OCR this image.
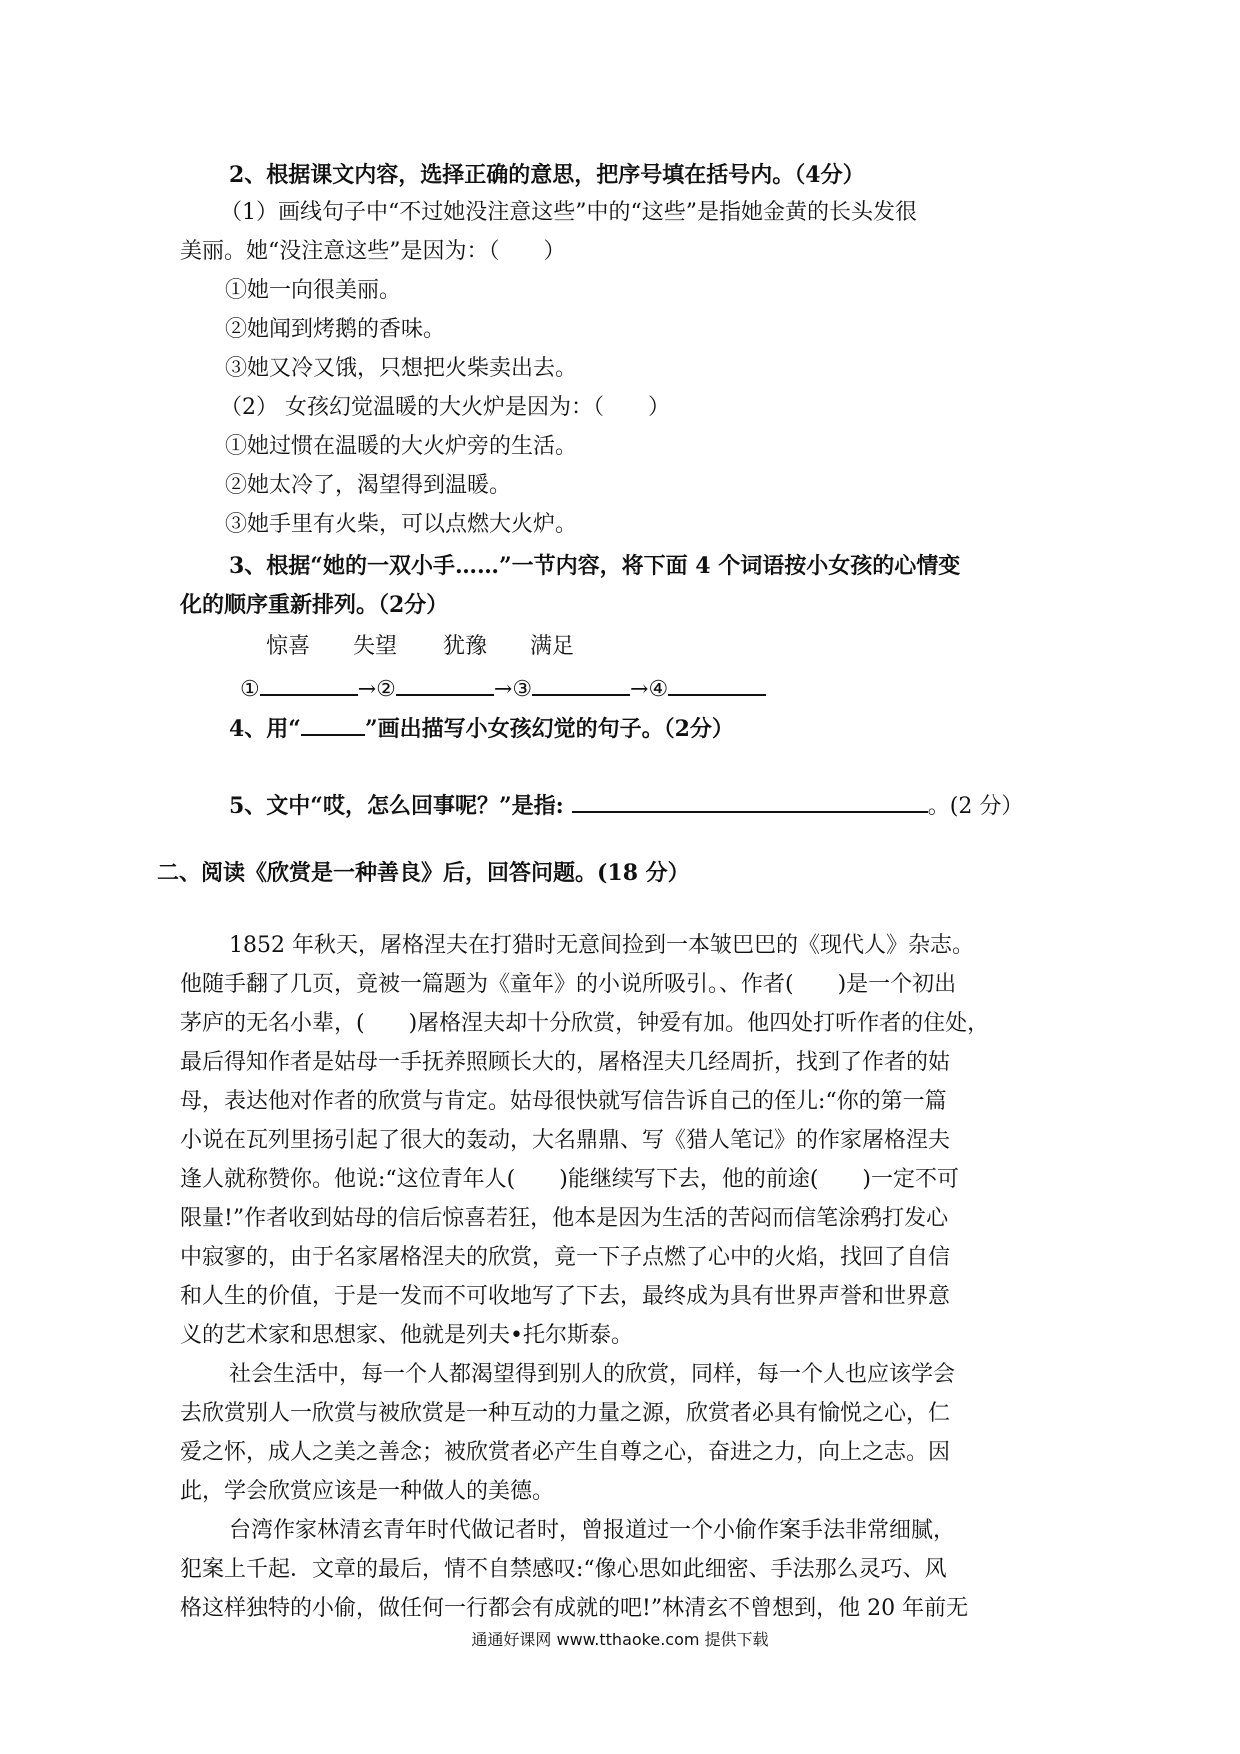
2、根据课文内容，选择正确的意思，把序号填在括号内。（4分）
（1）画线句子中“不过她没注意这些”中的“这些”是指她金黄的长头发很
美丽。她“没注意这些”是因为：（　　）
①她一向很美丽。
②她闻到烤鹅的香味。
③她又冷又饿，只想把火柴卖出去。
（2） 女孩幻觉温暖的大火炉是因为：（　　）
①她过惯在温暖的大火炉旁的生活。
②她太冷了，渴望得到温暖。
③她手里有火柴，可以点燃大火炉。
3、根据“她的一双小手……”一节内容，将下面 4 个词语按小女孩的心情变
化的顺序重新排列。（2分）
惊喜 失望 犹豫 满足
①	→②	→③	→④
4、用“	”画出描写小女孩幻觉的句子。（2分）
5、文中“哎，怎么回事呢？”是指:	。(2 分）
二、阅读《欣赏是一种善良》后，回答问题。(18 分）
1852 年秋天，屠格涅夫在打猎时无意间捡到一本皱巴巴的《现代人》杂志。
他随手翻了几页，竟被一篇题为《童年》的小说所吸引。、作者(　　)是一个初出
茅庐的无名小辈，(　　)屠格涅夫却十分欣赏，钟爱有加。他四处打听作者的住处，
最后得知作者是姑母一手抚养照顾长大的，屠格涅夫几经周折，找到了作者的姑
母，表达他对作者的欣赏与肯定。姑母很快就写信告诉自己的侄儿:“你的第一篇
小说在瓦列里扬引起了很大的轰动，大名鼎鼎、写《猎人笔记》的作家屠格涅夫
逢人就称赞你。他说:“这位青年人(　　)能继续写下去，他的前途(　　)一定不可
限量!”作者收到姑母的信后惊喜若狂，他本是因为生活的苦闷而信笔涂鸦打发心
中寂寥的，由于名家屠格涅夫的欣赏，竟一下子点燃了心中的火焰，找回了自信
和人生的价值，于是一发而不可收地写了下去，最终成为具有世界声誉和世界意
义的艺术家和思想家、他就是列夫•托尔斯泰。
社会生活中，每一个人都渴望得到别人的欣赏，同样，每一个人也应该学会
去欣赏别人一欣赏与被欣赏是一种互动的力量之源，欣赏者必具有愉悦之心，仁
爱之怀，成人之美之善念；被欣赏者必产生自尊之心，奋进之力，向上之志。因
此，学会欣赏应该是一种做人的美德。
台湾作家林清玄青年时代做记者时，曾报道过一个小偷作案手法非常细腻，
犯案上千起．文章的最后，情不自禁感叹:“像心思如此细密、手法那么灵巧、风
格这样独特的小偷，做任何一行都会有成就的吧!”林清玄不曾想到，他 20 年前无
通通好课网 www.tthaoke.com 提供下载
